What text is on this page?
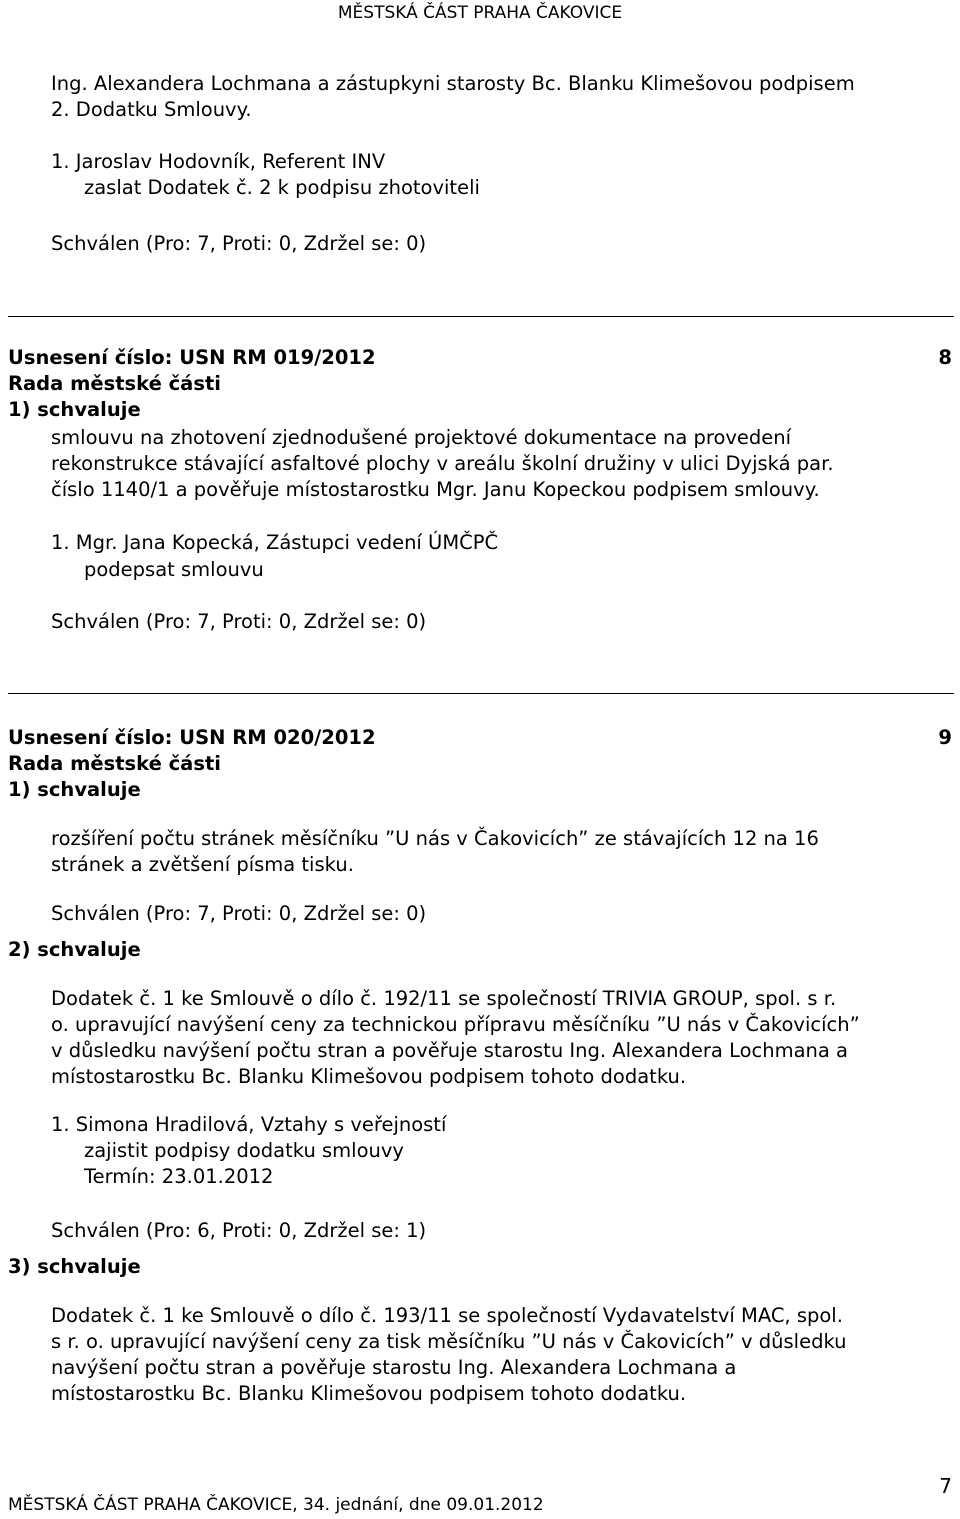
MĚSTSKÁ ČÁST PRAHA ČAKOVICE
Ing. Alexandera Lochmana a zástupkyni starosty Bc. Blanku Klimešovou podpisem
2. Dodatku Smlouvy.
1. Jaroslav Hodovník, Referent INV
zaslat Dodatek č. 2 k podpisu zhotoviteli
Schválen (Pro: 7, Proti: 0, Zdržel se: 0)
Usnesení číslo: USN RM 019/2012	8
Rada městské části
1) schvaluje
smlouvu na zhotovení zjednodušené projektové dokumentace na provedení
rekonstrukce stávající asfaltové plochy v areálu školní družiny v ulici Dyjská par.
číslo 1140/1 a pověřuje místostarostku Mgr. Janu Kopeckou podpisem smlouvy.
1. Mgr. Jana Kopecká, Zástupci vedení ÚMČPČ
podepsat smlouvu
Schválen (Pro: 7, Proti: 0, Zdržel se: 0)
Usnesení číslo: USN RM 020/2012	9
Rada městské části
1) schvaluje
rozšíření počtu stránek měsíčníku ”U nás v Čakovicích” ze stávajících 12 na 16
stránek a zvětšení písma tisku.
Schválen (Pro: 7, Proti: 0, Zdržel se: 0)
2) schvaluje
Dodatek č. 1 ke Smlouvě o dílo č. 192/11 se společností TRIVIA GROUP, spol. s r.
o. upravující navýšení ceny za technickou přípravu měsíčníku ”U nás v Čakovicích”
v důsledku navýšení počtu stran a pověřuje starostu Ing. Alexandera Lochmana a
místostarostku Bc. Blanku Klimešovou podpisem tohoto dodatku.
1. Simona Hradilová, Vztahy s veřejností
zajistit podpisy dodatku smlouvy
Termín: 23.01.2012
Schválen (Pro: 6, Proti: 0, Zdržel se: 1)
3) schvaluje
Dodatek č. 1 ke Smlouvě o dílo č. 193/11 se společností Vydavatelství MAC, spol.
s r. o. upravující navýšení ceny za tisk měsíčníku ”U nás v Čakovicích” v důsledku
navýšení počtu stran a pověřuje starostu Ing. Alexandera Lochmana a
místostarostku Bc. Blanku Klimešovou podpisem tohoto dodatku.
7
MĚSTSKÁ ČÁST PRAHA ČAKOVICE, 34. jednání, dne 09.01.2012
